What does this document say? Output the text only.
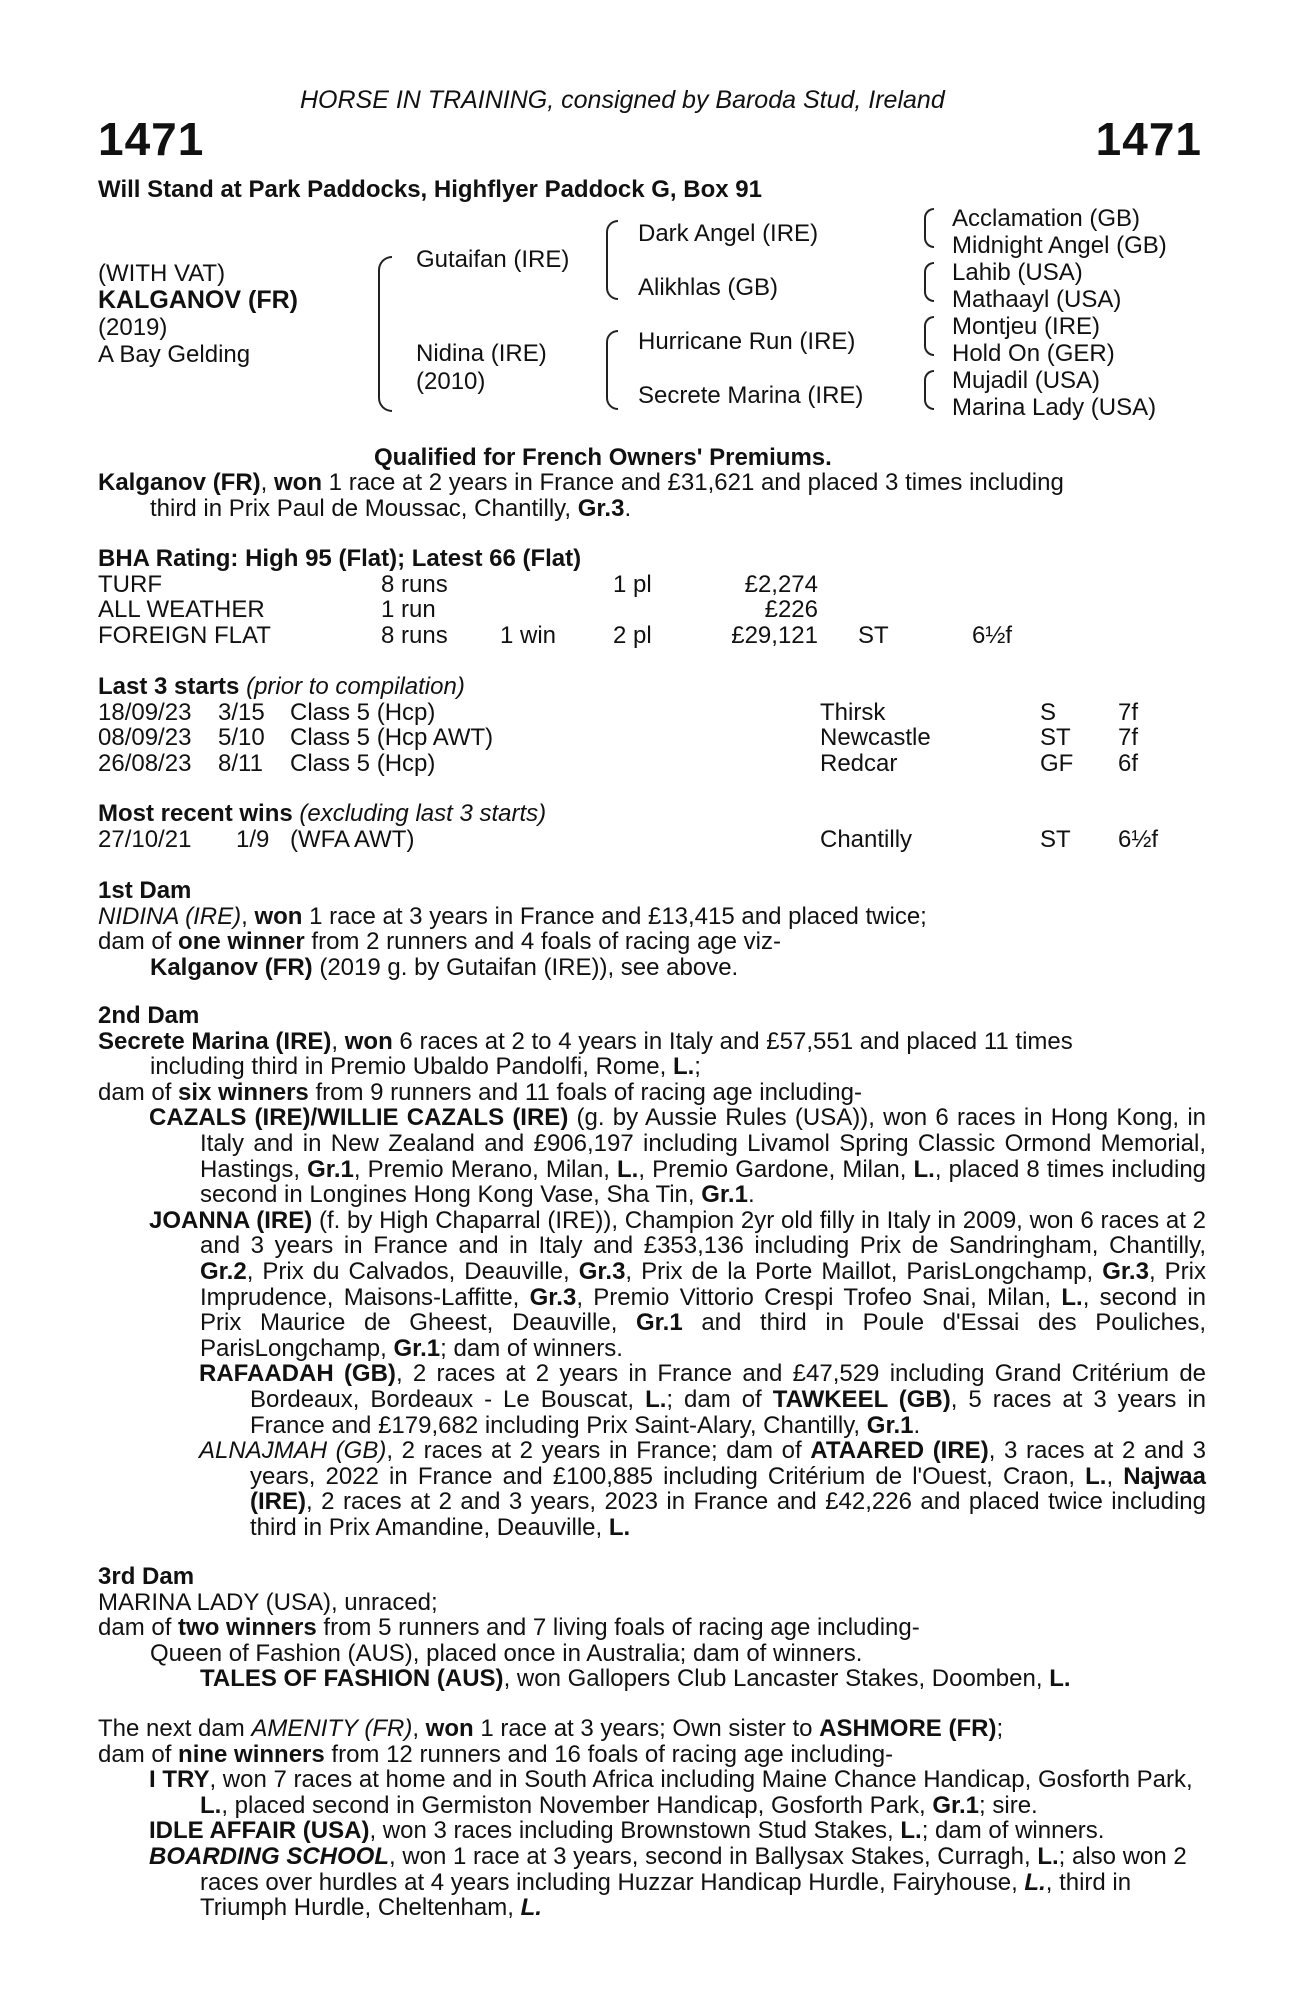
HORSE IN TRAINING, consigned by Baroda Stud, Ireland
1471	1471
Will Stand at Park Paddocks, Highflyer Paddock G, Box 91
(WITH VAT)
KALGANOV (FR)
(2019)
A Bay Gelding
Gutaifan (IRE)
Nidina (IRE)
(2010)
Dark Angel (IRE)
Alikhlas (GB)
Hurricane Run (IRE)
Secrete Marina (IRE)
Acclamation (GB)
Midnight Angel (GB)
Lahib (USA)
Mathaayl (USA)
Montjeu (IRE)
Hold On (GER)
Mujadil (USA)
Marina Lady (USA)
Qualified for French Owners' Premiums.
Kalganov (FR), won 1 race at 2 years in France and £31,621 and placed 3 times including
third in Prix Paul de Moussac, Chantilly, Gr.3.
BHA Rating: High 95 (Flat); Latest 66 (Flat)
TURF	8 runs	1 pl	£2,274
ALL WEATHER	1 run	£226
FOREIGN FLAT	8 runs 1 win 2 pl	£29,121 ST	6½f
Last 3 starts (prior to compilation)
18/09/23 3/15 Class 5 (Hcp)	Thirsk	S	7f
08/09/23 5/10 Class 5 (Hcp AWT)	Newcastle	ST 7f
26/08/23 8/11 Class 5 (Hcp)	Redcar	GF 6f
Most recent wins (excluding last 3 starts)
27/10/21 1/9 (WFA AWT)	Chantilly	ST 6½f
1st Dam
NIDINA (IRE), won 1 race at 3 years in France and £13,415 and placed twice;
dam of one winner from 2 runners and 4 foals of racing age viz-
Kalganov (FR) (2019 g. by Gutaifan (IRE)), see above.
2nd Dam
Secrete Marina (IRE), won 6 races at 2 to 4 years in Italy and £57,551 and placed 11 times
including third in Premio Ubaldo Pandolfi, Rome, L.;
dam of six winners from 9 runners and 11 foals of racing age including-
CAZALS (IRE)/WILLIE CAZALS (IRE) (g. by Aussie Rules (USA)), won 6 races in Hong Kong, in Italy and in New Zealand and £906,197 including Livamol Spring Classic Ormond Memorial, Hastings, Gr.1, Premio Merano, Milan, L., Premio Gardone, Milan, L., placed 8 times including second in Longines Hong Kong Vase, Sha Tin, Gr.1.
JOANNA (IRE) (f. by High Chaparral (IRE)), Champion 2yr old filly in Italy in 2009, won 6 races at 2 and 3 years in France and in Italy and £353,136 including Prix de Sandringham, Chantilly, Gr.2, Prix du Calvados, Deauville, Gr.3, Prix de la Porte Maillot, ParisLongchamp, Gr.3, Prix Imprudence, Maisons-Laffitte, Gr.3, Premio Vittorio Crespi Trofeo Snai, Milan, L., second in Prix Maurice de Gheest, Deauville, Gr.1 and third in Poule d'Essai des Pouliches, ParisLongchamp, Gr.1; dam of winners.
RAFAADAH (GB), 2 races at 2 years in France and £47,529 including Grand Critérium de Bordeaux, Bordeaux - Le Bouscat, L.; dam of TAWKEEL (GB), 5 races at 3 years in France and £179,682 including Prix Saint-Alary, Chantilly, Gr.1.
ALNAJMAH (GB), 2 races at 2 years in France; dam of ATAARED (IRE), 3 races at 2 and 3 years, 2022 in France and £100,885 including Critérium de l'Ouest, Craon, L., Najwaa (IRE), 2 races at 2 and 3 years, 2023 in France and £42,226 and placed twice including third in Prix Amandine, Deauville, L.
3rd Dam
MARINA LADY (USA), unraced;
dam of two winners from 5 runners and 7 living foals of racing age including-
Queen of Fashion (AUS), placed once in Australia; dam of winners.
TALES OF FASHION (AUS), won Gallopers Club Lancaster Stakes, Doomben, L.
The next dam AMENITY (FR), won 1 race at 3 years; Own sister to ASHMORE (FR);
dam of nine winners from 12 runners and 16 foals of racing age including-
I TRY, won 7 races at home and in South Africa including Maine Chance Handicap, Gosforth Park, L., placed second in Germiston November Handicap, Gosforth Park, Gr.1; sire.
IDLE AFFAIR (USA), won 3 races including Brownstown Stud Stakes, L.; dam of winners.
BOARDING SCHOOL, won 1 race at 3 years, second in Ballysax Stakes, Curragh, L.; also won 2 races over hurdles at 4 years including Huzzar Handicap Hurdle, Fairyhouse, L., third in Triumph Hurdle, Cheltenham, L.
